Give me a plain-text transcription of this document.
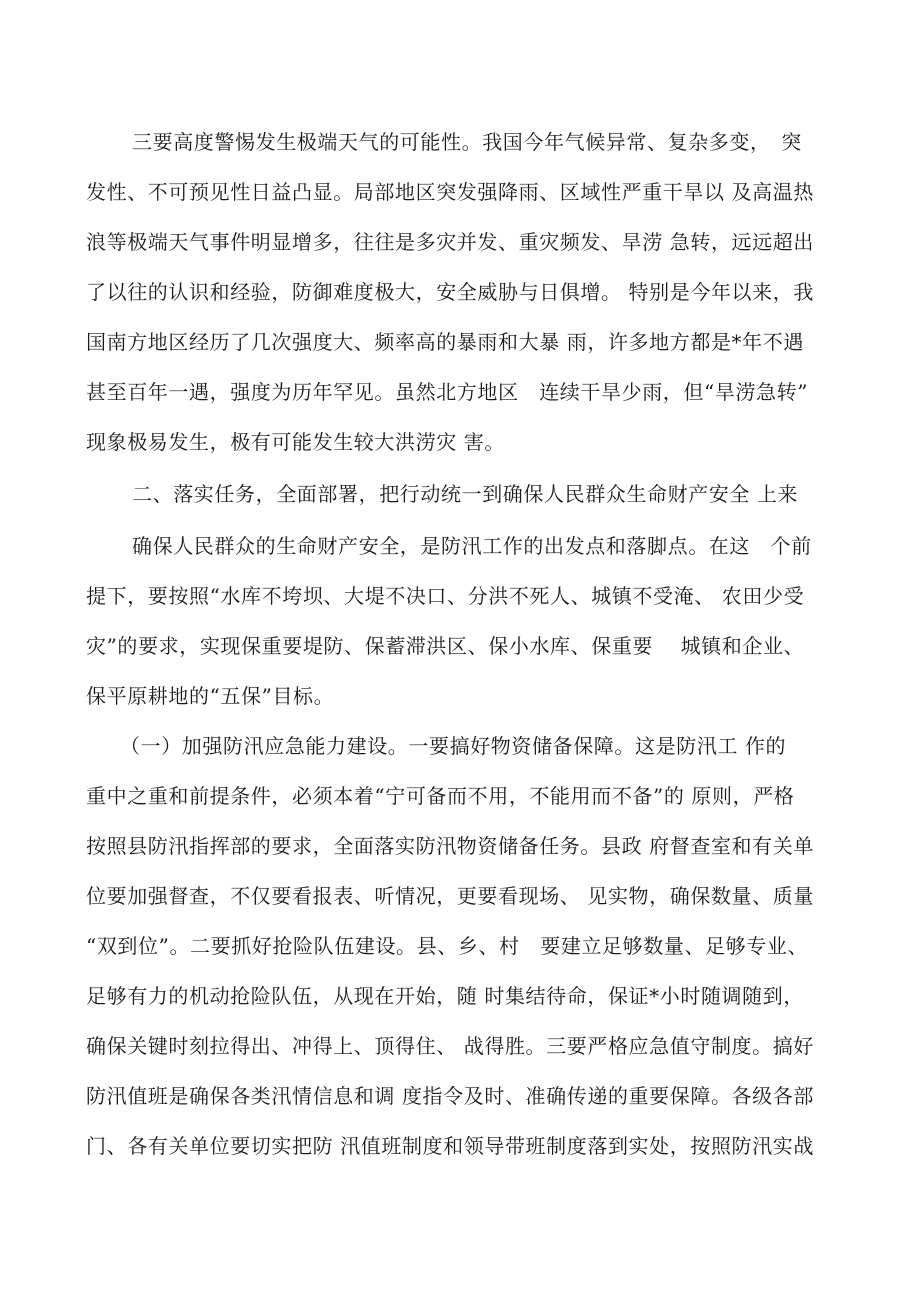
三要高度警惕发生极端天气的可能性。我国今年气候异常、复杂多变，　突
发性、不可预见性日益凸显。局部地区突发强降雨、区域性严重干旱以 及高温热
浪等极端天气事件明显增多，往往是多灾并发、重灾频发、旱涝 急转，远远超出
了以往的认识和经验，防御难度极大，安全威胁与日俱增。 特别是今年以来，我
国南方地区经历了几次强度大、频率高的暴雨和大暴 雨，许多地方都是*年不遇
甚至百年一遇，强度为历年罕见。虽然北方地区　连续干旱少雨，但“旱涝急转”
现象极易发生，极有可能发生较大洪涝灾 害。
二、落实任务，全面部署，把行动统一到确保人民群众生命财产安全 上来
确保人民群众的生命财产安全，是防汛工作的出发点和落脚点。在这　个前
提下，要按照“水库不垮坝、大堤不决口、分洪不死人、城镇不受淹、 农田少受
灾”的要求，实现保重要堤防、保蓄滞洪区、保小水库、保重要　 城镇和企业、
保平原耕地的“五保”目标。
（一）加强防汛应急能力建设。一要搞好物资储备保障。这是防汛工 作的
重中之重和前提条件，必须本着“宁可备而不用，不能用而不备”的 原则，严格
按照县防汛指挥部的要求，全面落实防汛物资储备任务。县政 府督查室和有关单
位要加强督查，不仅要看报表、听情况，更要看现场、 见实物，确保数量、质量
“双到位”。二要抓好抢险队伍建设。县、乡、村　要建立足够数量、足够专业、
足够有力的机动抢险队伍，从现在开始，随 时集结待命，保证*小时随调随到，
确保关键时刻拉得出、冲得上、顶得住、 战得胜。三要严格应急值守制度。搞好
防汛值班是确保各类汛情信息和调 度指令及时、准确传递的重要保障。各级各部
门、各有关单位要切实把防 汛值班制度和领导带班制度落到实处，按照防汛实战
